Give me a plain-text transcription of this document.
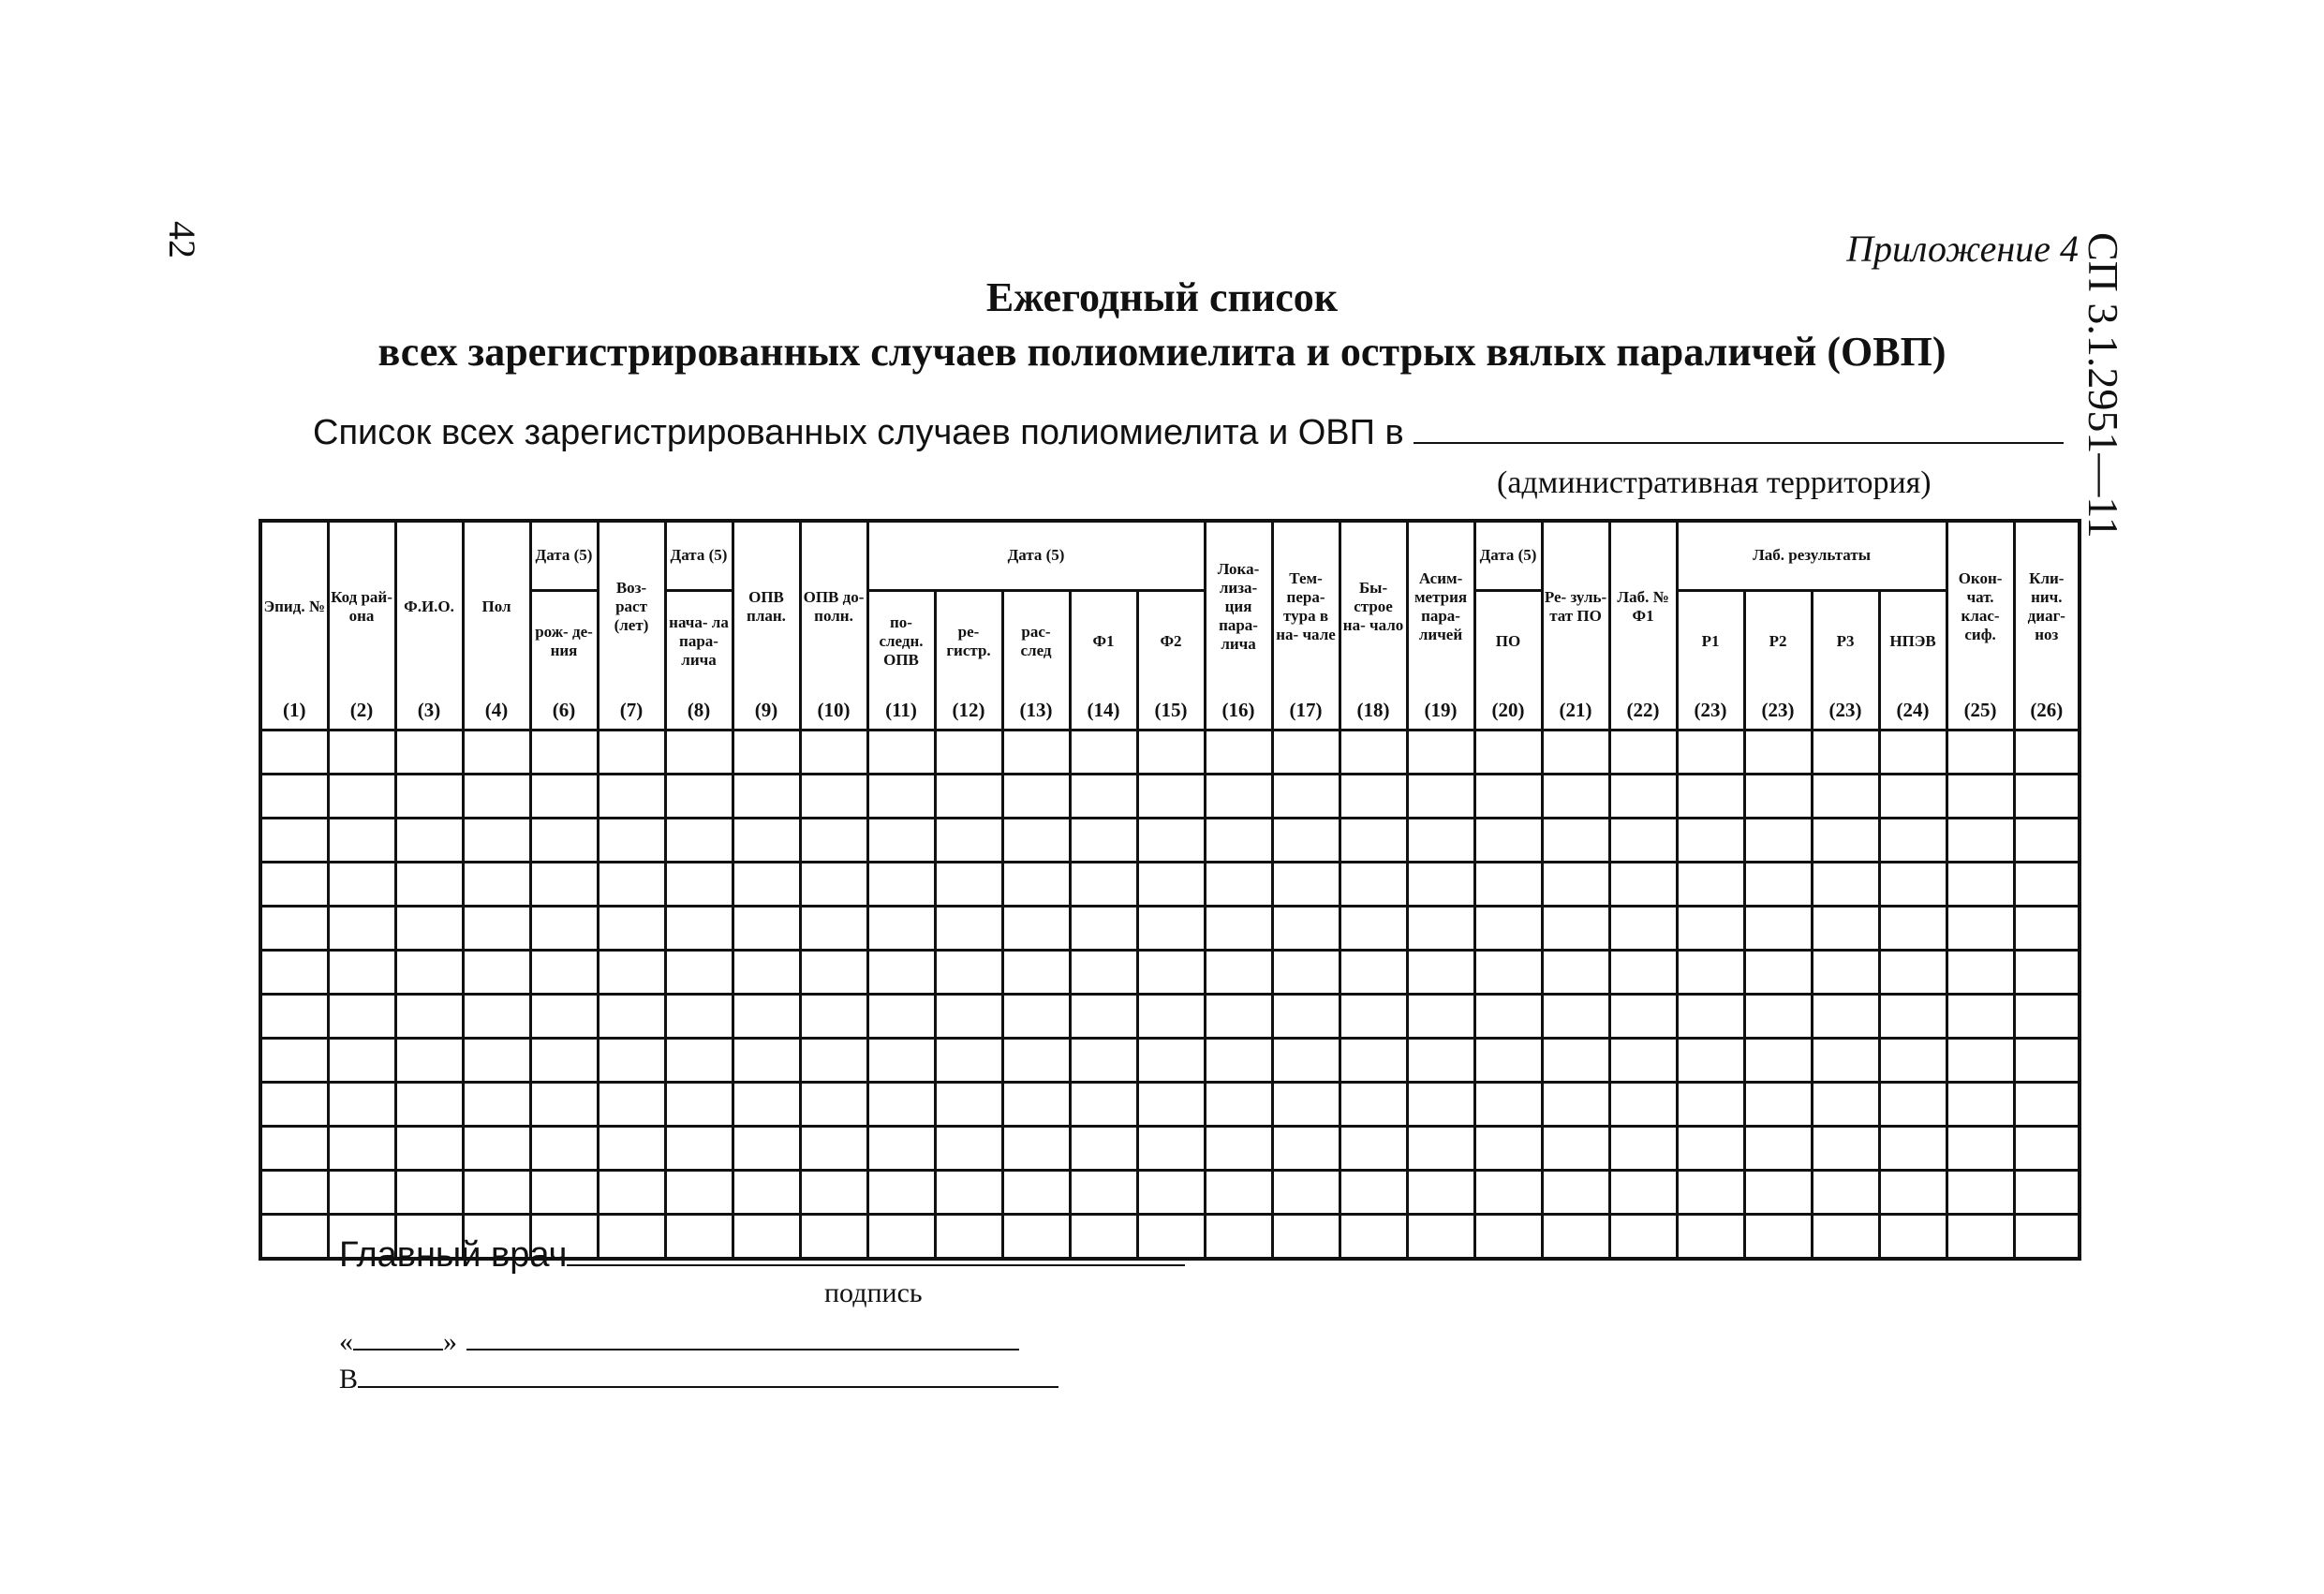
42	СП 3.1.2951—11
Приложение 4
Ежегодный список
всех зарегистрированных случаев полиомиелита и острых вялых параличей (ОВП)
Список всех зарегистрированных случаев полиомиелита и ОВП в
(административная территория)
Эпид. №	Код рай- она	Ф.И.О.	Пол	Дата (5)	Воз- раст (лет)	Дата (5)	ОПВ план.	ОПВ до- полн.	Дата (5)					Лока- лиза- ция пара- лича	Тем- пера- тура в на- чале	Бы- строе на- чало	Асим- метрия пара- личей	Дата (5)	Ре- зуль- тат ПО	Лаб. № Ф1	Лаб. результаты				Окон- чат. клас- сиф.	Кли- нич. диаг- ноз
				рож- де- ния		нача- ла пара- лича			по- следн. ОПВ	ре- гистр.	рас- след	Ф1	Ф2					ПО			Р1	Р2	Р3	НПЭВ		
(1)	(2)	(3)	(4)	(6)	(7)	(8)	(9)	(10)	(11)	(12)	(13)	(14)	(15)	(16)	(17)	(18)	(19)	(20)	(21)	(22)	(23)	(23)	(23)	(24)	(25)	(26)

Главный врач
подпись
«	»
В
